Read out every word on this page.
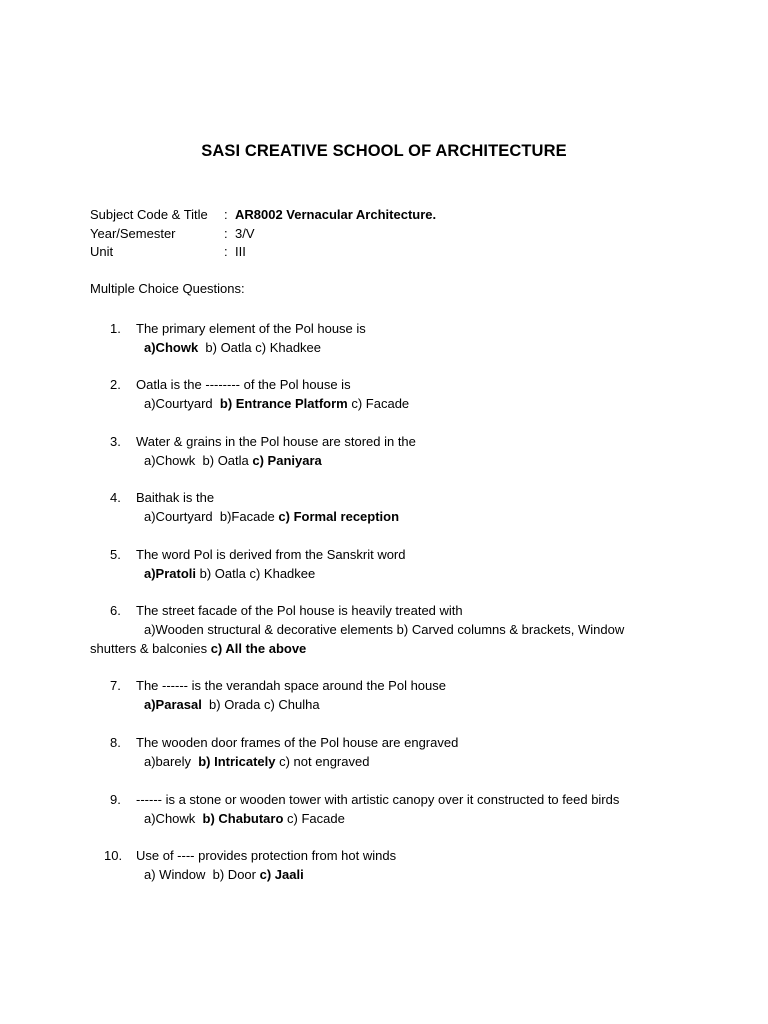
SASI CREATIVE SCHOOL OF ARCHITECTURE
Subject Code & Title : AR8002 Vernacular Architecture.
Year/Semester	: 3/V
Unit	: III
Multiple Choice Questions:
1. The primary element of the Pol house is
a)Chowk  b) Oatla c) Khadkee
2. Oatla is the -------- of the Pol house is
a)Courtyard  b) Entrance Platform c) Facade
3. Water & grains in the Pol house are stored in the
a)Chowk  b) Oatla c) Paniyara
4. Baithak is the
a)Courtyard  b)Facade c) Formal reception
5. The word Pol is derived from the Sanskrit word
a)Pratoli b) Oatla c) Khadkee
6. The street facade of the Pol house is heavily treated with
a)Wooden structural & decorative elements b) Carved columns & brackets, Window
shutters & balconies c) All the above
7. The ------ is the verandah space around the Pol house
a)Parasal  b) Orada c) Chulha
8. The wooden door frames of the Pol house are engraved
a)barely  b) Intricately c) not engraved
9. ------ is a stone or wooden tower with artistic canopy over it constructed to feed birds
a)Chowk  b) Chabutaro c) Facade
10. Use of ---- provides protection from hot winds
a) Window  b) Door c) Jaali
